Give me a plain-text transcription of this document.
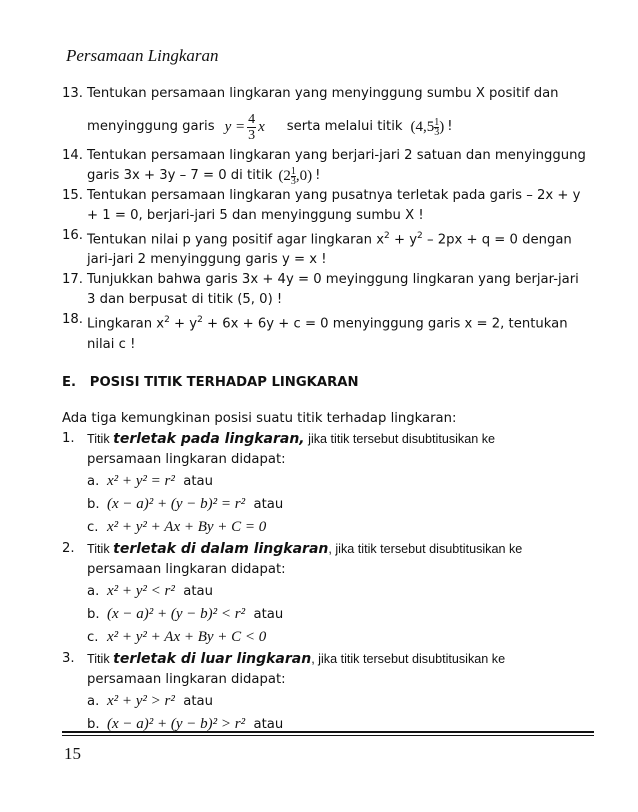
Persamaan Lingkaran
13. Tentukan persamaan lingkaran yang menyinggung sumbu X positif dan
menyinggung garis $y = \frac{4}{3}$ x serta melalui titik (4,5 1
3 ) !
14. Tentukan persamaan lingkaran yang berjari-jari 2 satuan dan menyinggung
garis 3x + 3y – 7 = 0 di titik (2 1
3 ,0) !
15. Tentukan persamaan lingkaran yang pusatnya terletak pada garis – 2x + y
+ 1 = 0, berjari-jari 5 dan menyinggung sumbu X !
16. Tentukan nilai p yang positif agar lingkaran $x^2 + y^2 - 2px + q = 0$ dengan
jari-jari 2 menyinggung garis y = x !
17. Tunjukkan bahwa garis 3x + 4y = 0 meyinggung lingkaran yang berjar-jari
3 dan berpusat di titik (5, 0) !
18. Lingkaran $x^2 + y^2 + 6x + 6y + c = 0$ menyinggung garis x = 2, tentukan
nilai c !
E.   POSISI TITIK TERHADAP LINGKARAN
Ada tiga kemungkinan posisi suatu titik terhadap lingkaran:
1. Titik terletak pada lingkaran, jika titik tersebut disubtitusikan ke
persamaan lingkaran didapat:
a. x² + y² = r² atau
b. (x − a)² + (y − b)² = r² atau
c. x² + y² + Ax + By + C = 0
2. Titik terletak di dalam lingkaran, jika titik tersebut disubtitusikan ke
persamaan lingkaran didapat:
a. x² + y² < r² atau
b. (x − a)² + (y − b)² < r² atau
c. x² + y² + Ax + By + C < 0
3. Titik terletak di luar lingkaran, jika titik tersebut disubtitusikan ke
persamaan lingkaran didapat:
a. x² + y² > r² atau
b. (x − a)² + (y − b)² > r² atau
15
